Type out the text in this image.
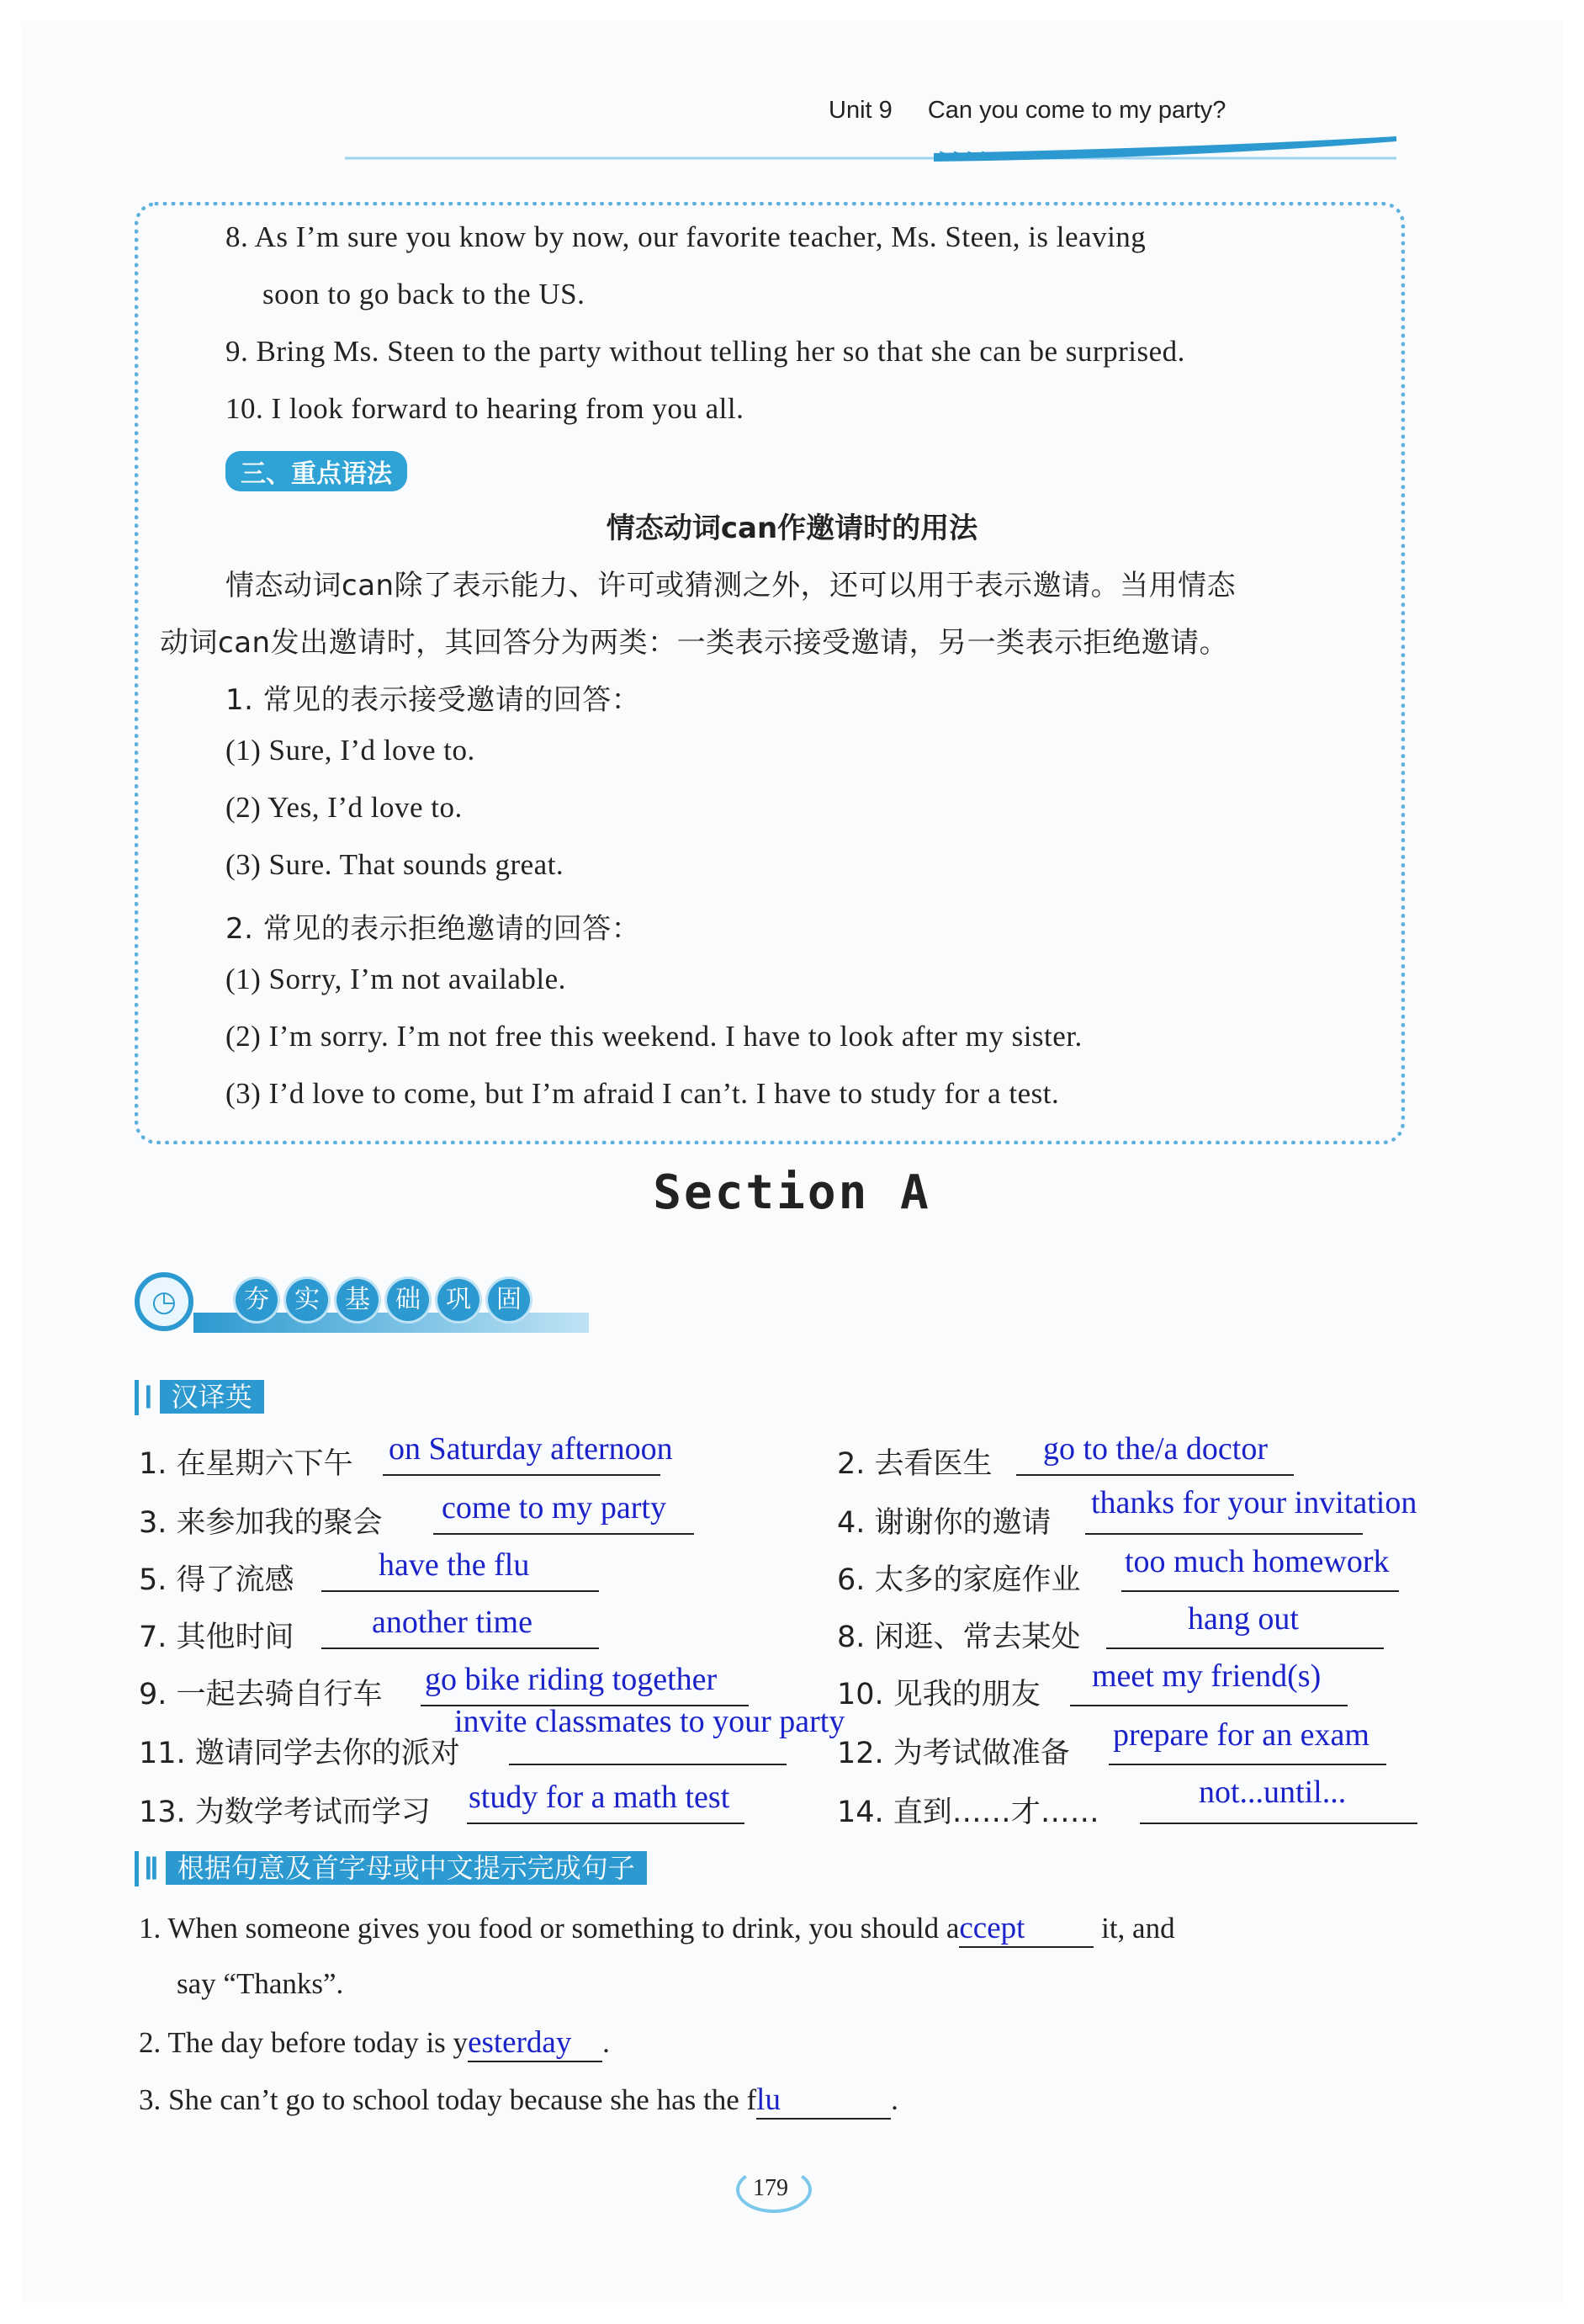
Unit 9 Can you come to my party?
>>>>
8. As I’m sure you know by now, our favorite teacher, Ms. Steen, is leaving
soon to go back to the US.
9. Bring Ms. Steen to the party without telling her so that she can be surprised.
10. I look forward to hearing from you all.
三、重点语法
情态动词can作邀请时的用法
情态动词can除了表示能力、许可或猜测之外，还可以用于表示邀请。当用情态
动词can发出邀请时，其回答分为两类：一类表示接受邀请，另一类表示拒绝邀请。
1. 常见的表示接受邀请的回答：
(1) Sure, I’d love to.
(2) Yes, I’d love to.
(3) Sure. That sounds great.
2. 常见的表示拒绝邀请的回答：
(1) Sorry, I’m not available.
(2) I’m sorry. I’m not free this weekend. I have to look after my sister.
(3) I’d love to come, but I’m afraid I can’t. I have to study for a test.
Section A
◷	夯	实	基	础	巩	固
Ⅰ 汉译英
1. 在星期六下午 on Saturday afternoon
3. 来参加我的聚会 come to my party
5. 得了流感	have the flu
7. 其他时间 another time
9. 一起去骑自行车 go bike riding together
11. 邀请同学去你的派对
invite classmates to your party
13. 为数学考试而学习 study for a math test
2. 去看医生 go to the/a doctor
4. 谢谢你的邀请
thanks for your invitation
6. 太多的家庭作业
too much homework
8. 闲逛、常去某处
hang out
10. 见我的朋友
meet my friend(s)
12. 为考试做准备
prepare for an exam
14. 直到……才……
not...until...
Ⅱ 根据句意及首字母或中文提示完成句子
1. When someone gives you food or something to drink, you should accept it, and
say “Thanks”.
2. The day before today is yesterday .
3. She can’t go to school today because she has the flu	.
179
